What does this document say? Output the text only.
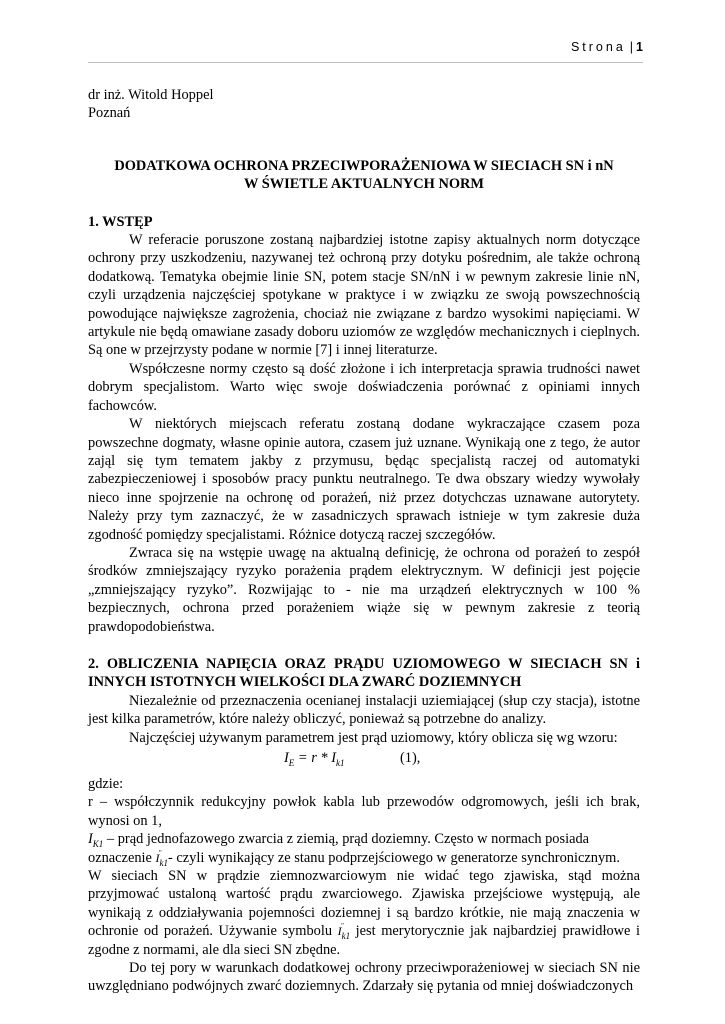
Strona | 1

dr inż. Witold Hoppel

Poznań

DODATKOWA OCHRONA PRZECIWPORAŻENIOWA W SIECIACH SN i nN
W ŚWIETLE AKTUALNYCH NORM

1. WSTĘP

W referacie poruszone zostaną najbardziej istotne zapisy aktualnych norm dotyczące ochrony przy uszkodzeniu, nazywanej też ochroną przy dotyku pośrednim, ale także ochroną dodatkową. Tematyka obejmie linie SN, potem stacje SN/nN i w pewnym zakresie linie nN, czyli urządzenia najczęściej spotykane w praktyce i w związku ze swoją powszechnością powodujące największe zagrożenia, chociaż nie związane z bardzo wysokimi napięciami. W artykule nie będą omawiane zasady doboru uziomów ze względów mechanicznych i cieplnych. Są one w przejrzysty podane w normie [7] i innej literaturze.

Współczesne normy często są dość złożone i ich interpretacja sprawia trudności nawet dobrym specjalistom. Warto więc swoje doświadczenia porównać z opiniami innych fachowców.

W niektórych miejscach referatu zostaną dodane wykraczające czasem poza powszechne dogmaty, własne opinie autora, czasem już uznane. Wynikają one z tego, że autor zająl się tym tematem jakby z przymusu, będąc specjalistą raczej od automatyki zabezpieczeniowej i sposobów pracy punktu neutralnego. Te dwa obszary wiedzy wywołały nieco inne spojrzenie na ochronę od porażeń, niż przez dotychczas uznawane autorytety. Należy przy tym zaznaczyć, że w zasadniczych sprawach istnieje w tym zakresie duża zgodność pomiędzy specjalistami. Różnice dotyczą raczej szczegółów.

Zwraca się na wstępie uwagę na aktualną definicję, że ochrona od porażeń to zespół środków zmniejszający ryzyko porażenia prądem elektrycznym. W definicji jest pojęcie „zmniejszający ryzyko”. Rozwijając to - nie ma urządzeń elektrycznych w 100 % bezpiecznych, ochrona przed porażeniem wiąże się w pewnym zakresie z teorią prawdopodobieństwa.

2. OBLICZENIA NAPIĘCIA ORAZ PRĄDU UZIOMOWEGO W SIECIACH SN i INNYCH ISTOTNYCH WIELKOŚCI DLA ZWARĆ DOZIEMNYCH

Niezależnie od przeznaczenia ocenianej instalacji uziemiającej (słup czy stacja), istotne jest kilka parametrów, które należy obliczyć, ponieważ są potrzebne do analizy.

Najczęściej używanym parametrem jest prąd uziomowy, który oblicza się wg wzoru:

$I_E = r * I_{k1}$	(1),

gdzie:

r – współczynnik redukcyjny powłok kabla lub przewodów odgromowych, jeśli ich brak, wynosi on 1,

$I_{K1}$ – prąd jednofazowego zwarcia z ziemią, prąd doziemny. Często w normach posiada

oznaczenie I "
$_{k1}$- czyli wynikający ze stanu podprzejściowego w generatorze synchronicznym.

W sieciach SN w prądzie ziemnozwarciowym nie widać tego zjawiska, stąd można przyjmować ustaloną wartość prądu zwarciowego. Zjawiska przejściowe występują, ale wynikają z oddziaływania pojemności doziemnej i są bardzo krótkie, nie mają znaczenia w ochronie od porażeń. Używanie symbolu I "
$_{k1}$ jest merytorycznie jak najbardziej prawidłowe i zgodne z normami, ale dla sieci SN zbędne.

Do tej pory w warunkach dodatkowej ochrony przeciwporażeniowej w sieciach SN nie uwzględniano podwójnych zwarć doziemnych. Zdarzały się pytania od mniej doświadczonych
